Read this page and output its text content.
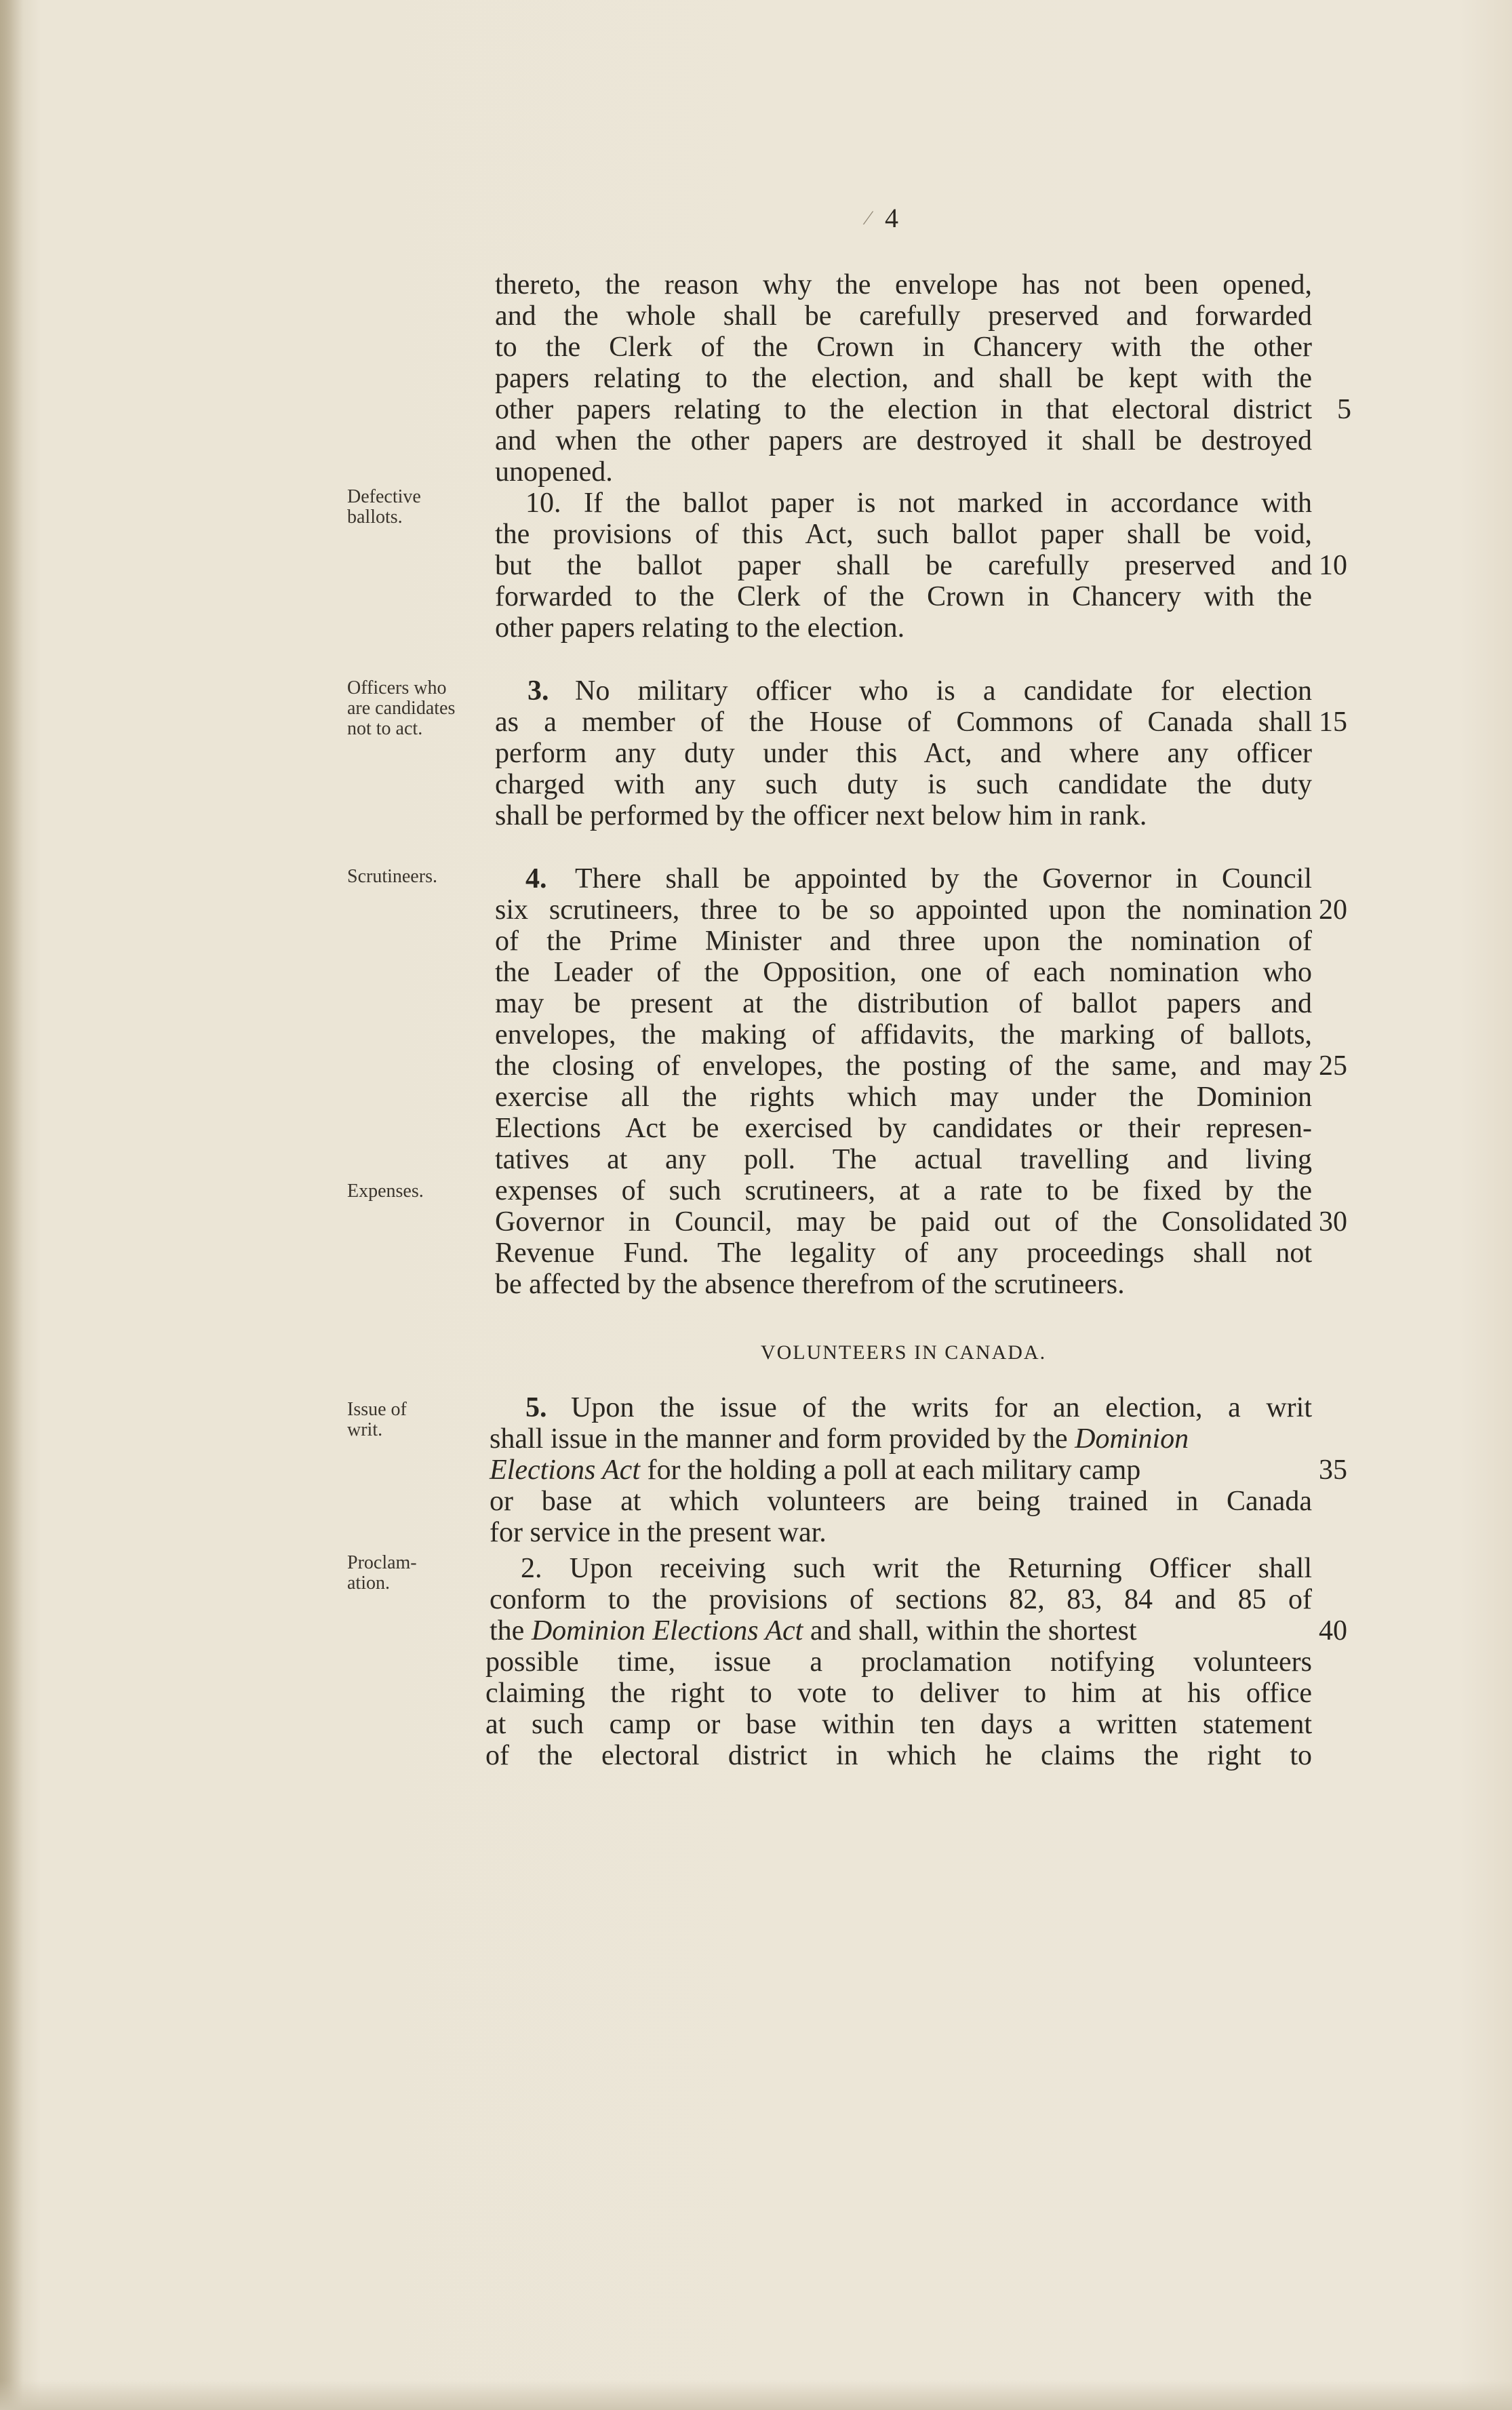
4
⁄
Defective
ballots.
Officers who
are candidates
not to act.
Scrutineers.
Expenses.
Issue of
writ.
Proclam-
ation.
thereto, the reason why the envelope has not been opened,
and the whole shall be carefully preserved and forwarded
to the Clerk of the Crown in Chancery with the other
papers relating to the election, and shall be kept with the
other papers relating to the election in that electoral district
and when the other papers are destroyed it shall be destroyed
unopened.
10. If the ballot paper is not marked in accordance with
the provisions of this Act, such ballot paper shall be void,
but the ballot paper shall be carefully preserved and
forwarded to the Clerk of the Crown in Chancery with the
other papers relating to the election.
3. No military officer who is a candidate for election
as a member of the House of Commons of Canada shall
perform any duty under this Act, and where any officer
charged with any such duty is such candidate the duty
shall be performed by the officer next below him in rank.
4. There shall be appointed by the Governor in Council
six scrutineers, three to be so appointed upon the nomination
of the Prime Minister and three upon the nomination of
the Leader of the Opposition, one of each nomination who
may be present at the distribution of ballot papers and
envelopes, the making of affidavits, the marking of ballots,
the closing of envelopes, the posting of the same, and may
exercise all the rights which may under the Dominion
Elections Act be exercised by candidates or their represen-
tatives at any poll. The actual travelling and living
expenses of such scrutineers, at a rate to be fixed by the
Governor in Council, may be paid out of the Consolidated
Revenue Fund. The legality of any proceedings shall not
be affected by the absence therefrom of the scrutineers.
VOLUNTEERS IN CANADA.
5. Upon the issue of the writs for an election, a writ
shall issue in the manner and form provided by the Dominion
Elections Act for the holding a poll at each military camp
or base at which volunteers are being trained in Canada
for service in the present war.
2. Upon receiving such writ the Returning Officer shall
conform to the provisions of sections 82, 83, 84 and 85 of
the Dominion Elections Act and shall, within the shortest
possible time, issue a proclamation notifying volunteers
claiming the right to vote to deliver to him at his office
at such camp or base within ten days a written statement
of the electoral district in which he claims the right to
5
10
15
20
25
30
35
40
